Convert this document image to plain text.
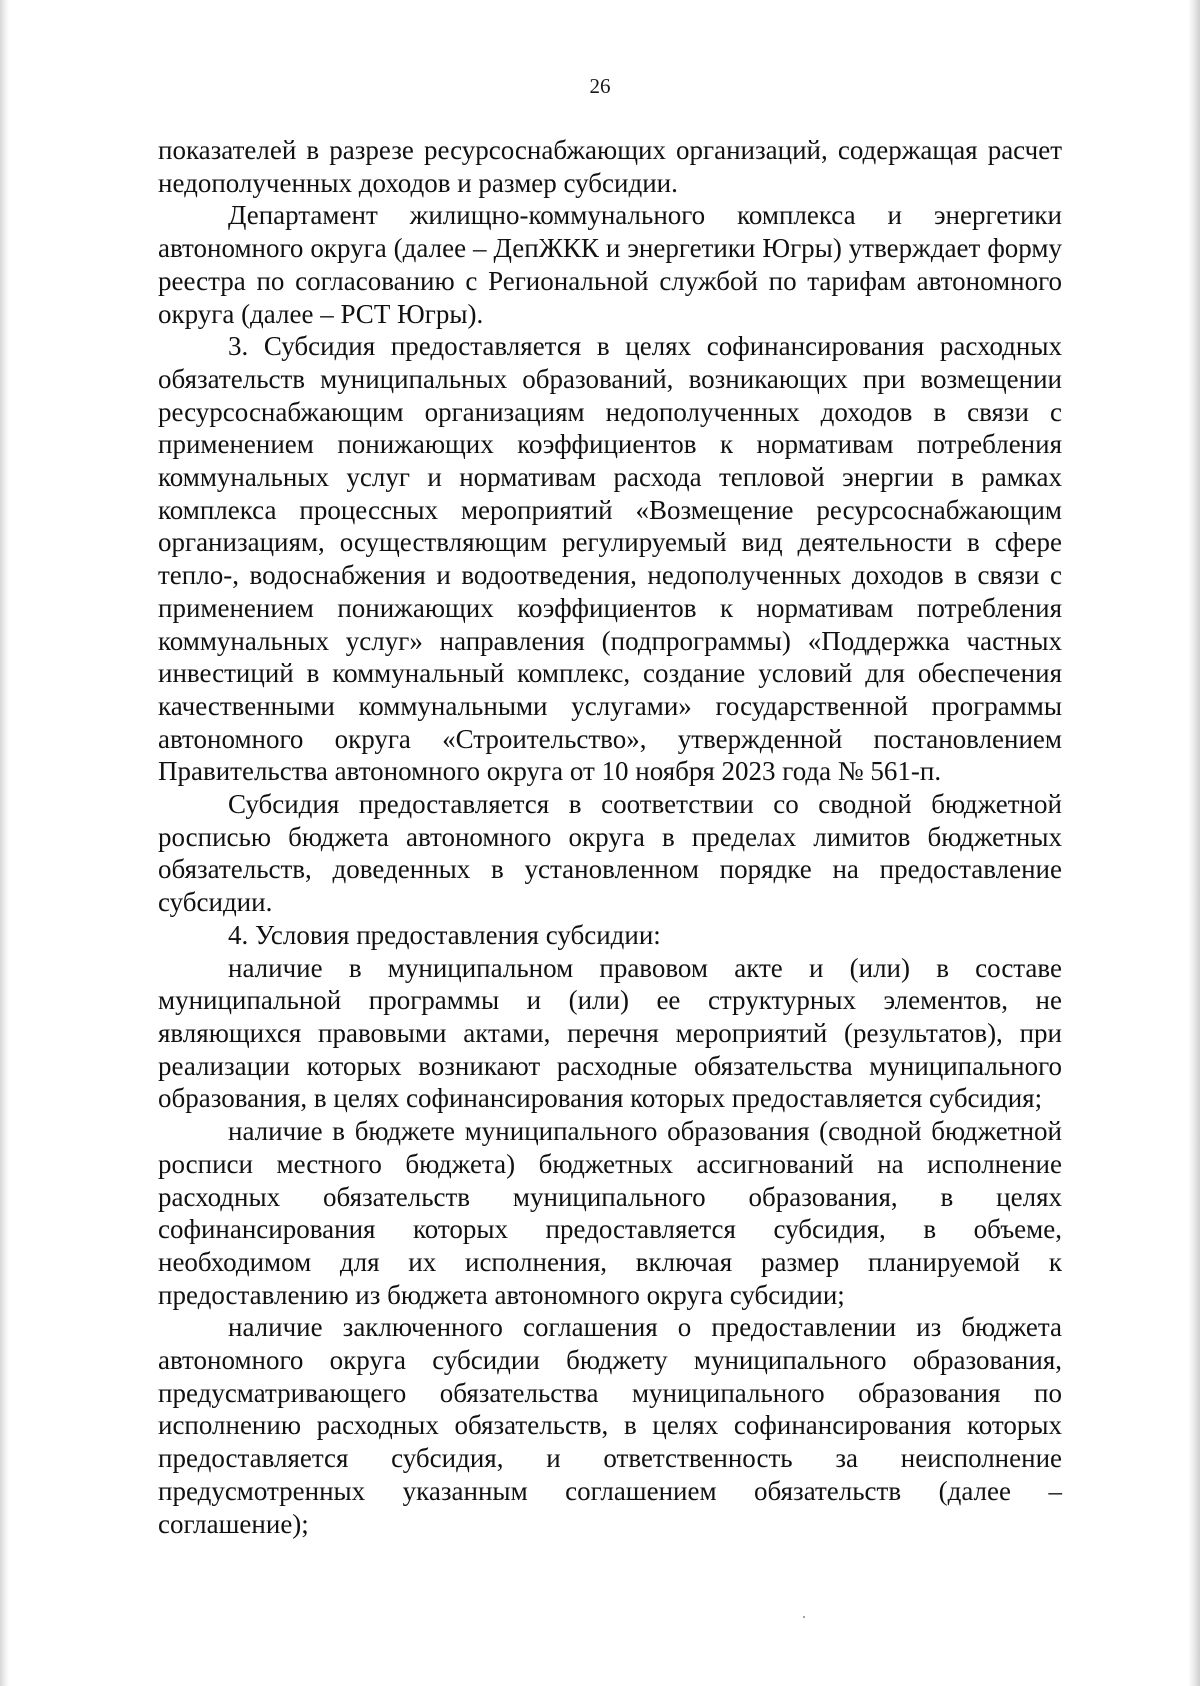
26

показателей в разрезе ресурсоснабжающих организаций, содержащая расчет недополученных доходов и размер субсидии.

Департамент жилищно-коммунального комплекса и энергетики автономного округа (далее – ДепЖКК и энергетики Югры) утверждает форму реестра по согласованию с Региональной службой по тарифам автономного округа (далее – РСТ Югры).

3. Субсидия предоставляется в целях софинансирования расходных обязательств муниципальных образований, возникающих при возмещении ресурсоснабжающим организациям недополученных доходов в связи с применением понижающих коэффициентов к нормативам потребления коммунальных услуг и нормативам расхода тепловой энергии в рамках комплекса процессных мероприятий «Возмещение ресурсоснабжающим организациям, осуществляющим регулируемый вид деятельности в сфере тепло-, водоснабжения и водоотведения, недополученных доходов в связи с применением понижающих коэффициентов к нормативам потребления коммунальных услуг» направления (подпрограммы) «Поддержка частных инвестиций в коммунальный комплекс, создание условий для обеспечения качественными коммунальными услугами» государственной программы автономного округа «Строительство», утвержденной постановлением Правительства автономного округа от 10 ноября 2023 года № 561-п.

Субсидия предоставляется в соответствии со сводной бюджетной росписью бюджета автономного округа в пределах лимитов бюджетных обязательств, доведенных в установленном порядке на предоставление субсидии.

4. Условия предоставления субсидии:

наличие в муниципальном правовом акте и (или) в составе муниципальной программы и (или) ее структурных элементов, не являющихся правовыми актами, перечня мероприятий (результатов), при реализации которых возникают расходные обязательства муниципального образования, в целях софинансирования которых предоставляется субсидия;

наличие в бюджете муниципального образования (сводной бюджетной росписи местного бюджета) бюджетных ассигнований на исполнение расходных обязательств муниципального образования, в целях софинансирования которых предоставляется субсидия, в объеме, необходимом для их исполнения, включая размер планируемой к предоставлению из бюджета автономного округа субсидии;

наличие заключенного соглашения о предоставлении из бюджета автономного округа субсидии бюджету муниципального образования, предусматривающего обязательства муниципального образования по исполнению расходных обязательств, в целях софинансирования которых предоставляется субсидия, и ответственность за неисполнение предусмотренных указанным соглашением обязательств (далее – соглашение);
